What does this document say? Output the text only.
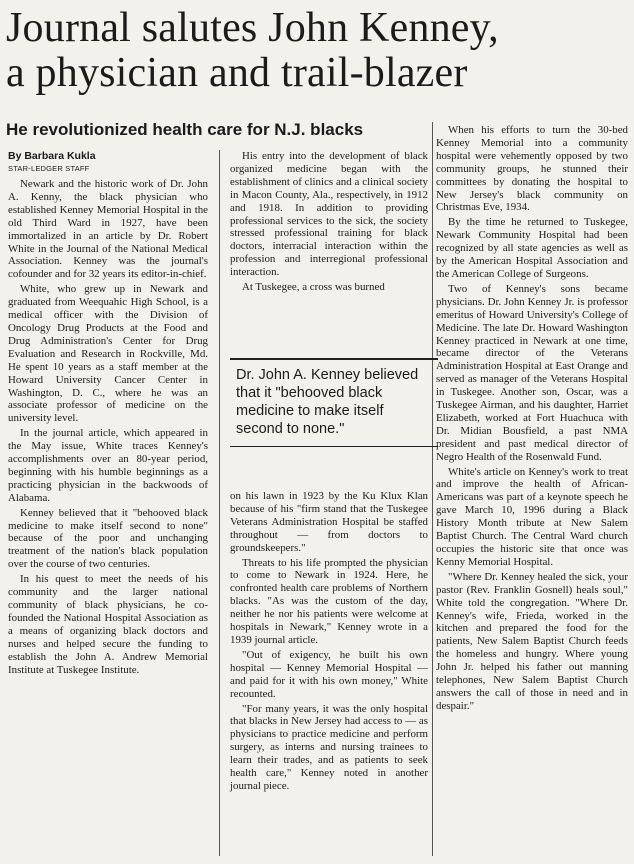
Journal salutes John Kenney,
a physician and trail-blazer
He revolutionized health care for N.J. blacks
By Barbara Kukla
STAR-LEDGER STAFF

Newark and the historic work of Dr. John A. Kenny, the black physician who established Kenney Memorial Hospital in the old Third Ward in 1927, have been immortalized in an article by Dr. Robert White in the Journal of the National Medical Association. Kenney was the journal's cofounder and for 32 years its editor-in-chief.

White, who grew up in Newark and graduated from Weequahic High School, is a medical officer with the Division of Oncology Drug Products at the Food and Drug Administration's Center for Drug Evaluation and Research in Rockville, Md. He spent 10 years as a staff member at the Howard University Cancer Center in Washington, D. C., where he was an associate professor of medicine on the university level.

In the journal article, which appeared in the May issue, White traces Kenney's accomplishments over an 80-year period, beginning with his humble beginnings as a practicing physician in the backwoods of Alabama.

Kenney believed that it "behooved black medicine to make itself second to none" because of the poor and unchanging treatment of the nation's black population over the course of two centuries.

In his quest to meet the needs of his community and the larger national community of black physicians, he co-founded the National Hospital Association as a means of organizing black doctors and nurses and helped secure the funding to establish the John A. Andrew Memorial Institute at Tuskegee Institute.

His entry into the development of black organized medicine began with the establishment of clinics and a clinical society in Macon County, Ala., respectively, in 1912 and 1918. In addition to providing professional services to the sick, the society stressed professional training for black doctors, interracial interaction within the profession and interregional professional interaction.

At Tuskegee, a cross was burned

Dr. John A. Kenney believed that it "behooved black medicine to make itself second to none."

on his lawn in 1923 by the Ku Klux Klan because of his "firm stand that the Tuskegee Veterans Administration Hospital be staffed throughout — from doctors to groundskeepers."

Threats to his life prompted the physician to come to Newark in 1924. Here, he confronted health care problems of Northern blacks. "As was the custom of the day, neither he nor his patients were welcome at hospitals in Newark," Kenney wrote in a 1939 journal article.

"Out of exigency, he built his own hospital — Kenney Memorial Hospital — and paid for it with his own money," White recounted.

"For many years, it was the only hospital that blacks in New Jersey had access to — as physicians to practice medicine and perform surgery, as interns and nursing trainees to learn their trades, and as patients to seek health care," Kenney noted in another journal piece.

When his efforts to turn the 30-bed Kenney Memorial into a community hospital were vehemently opposed by two community groups, he stunned their committees by donating the hospital to New Jersey's black community on Christmas Eve, 1934.

By the time he returned to Tuskegee, Newark Community Hospital had been recognized by all state agencies as well as by the American Hospital Association and the American College of Surgeons.

Two of Kenney's sons became physicians. Dr. John Kenney Jr. is professor emeritus of Howard University's College of Medicine. The late Dr. Howard Washington Kenney practiced in Newark at one time, became director of the Veterans Administration Hospital at East Orange and served as manager of the Veterans Hospital in Tuskegee. Another son, Oscar, was a Tuskegee Airman, and his daughter, Harriet Elizabeth, worked at Fort Huachuca with Dr. Midian Bousfield, a past NMA president and past medical director of Negro Health of the Rosenwald Fund.

White's article on Kenney's work to treat and improve the health of African-Americans was part of a keynote speech he gave March 10, 1996 during a Black History Month tribute at New Salem Baptist Church. The Central Ward church occupies the historic site that once was Kenny Memorial Hospital.

"Where Dr. Kenney healed the sick, your pastor (Rev. Franklin Gosnell) heals soul," White told the congregation. "Where Dr. Kenney's wife, Frieda, worked in the kitchen and prepared the food for the patients, New Salem Baptist Church feeds the homeless and hungry. Where young John Jr. helped his father out manning telephones, New Salem Baptist Church answers the call of those in need and in despair."
